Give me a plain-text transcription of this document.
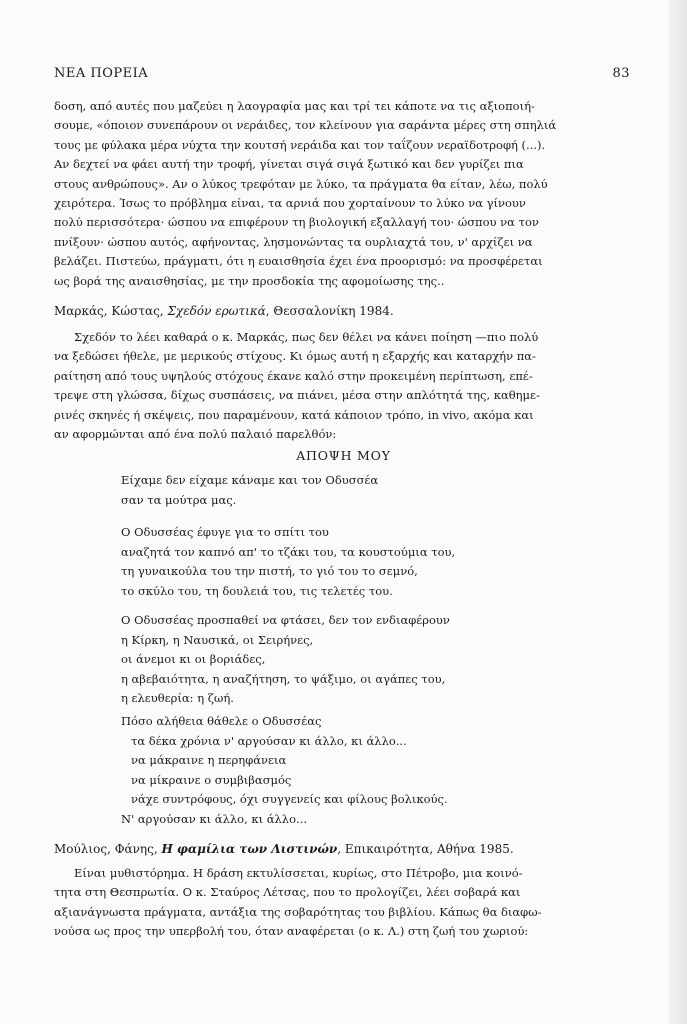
ΝΕΑ ΠΟΡΕΙΑ	83
δοση, από αυτές που μαζεύει η λαογραφία μας και τρί τει κάποτε να τις αξιοποιή-
σουμε, «όποιον συνεπάρουν οι νεράιδες, τον κλείνουν για σαράντα μέρες στη σπηλιά
τους με φύλακα μέρα νύχτα την κουτσή νεράιδα και τον ταΐζουν νεραϊδοτροφή (...).
Αν δεχτεί να φάει αυτή την τροφή, γίνεται σιγά σιγά ξωτικό και δεν γυρίζει πια
στους ανθρώπους». Αν ο λύκος τρεφόταν με λύκο, τα πράγματα θα είταν, λέω, πολύ
χειρότερα. Ίσως το πρόβλημα είναι, τα αρνιά που χορταίνουν το λύκο να γίνουν
πολύ περισσότερα· ώσπου να επιφέρουν τη βιολογική εξαλλαγή του· ώσπου να τον
πνίξουν· ώσπου αυτός, αφήνοντας, λησμονώντας τα ουρλιαχτά του, ν' αρχίζει να
βελάζει. Πιστεύω, πράγματι, ότι η ευαισθησία έχει ένα προορισμό: να προσφέρεται
ως βορά της αναισθησίας, με την προσδοκία της αφομοίωσης της..
Μαρκάς, Κώστας, Σχεδόν ερωτικά, Θεσσαλονίκη 1984.
Σχεδόν το λέει καθαρά ο κ. Μαρκάς, πως δεν θέλει να κάνει ποίηση —πιο πολύ
να ξεδώσει ήθελε, με μερικούς στίχους. Κι όμως αυτή η εξαρχής και καταρχήν πα-
ραίτηση από τους υψηλούς στόχους έκανε καλό στην προκειμένη περίπτωση, επέ-
τρεψε στη γλώσσα, δίχως συσπάσεις, να πιάνει, μέσα στην απλότητά της, καθημε-
ρινές σκηνές ή σκέψεις, που παραμένουν, κατά κάποιον τρόπο, in vivo, ακόμα και
αν αφορμώνται από ένα πολύ παλαιό παρελθόν:
ΑΠΟΨΗ ΜΟΥ
Είχαμε δεν είχαμε κάναμε και τον Οδυσσέα
σαν τα μούτρα μας.
Ο Οδυσσέας έφυγε για το σπίτι του
αναζητά τον καπνό απ' το τζάκι του, τα κουστούμια του,
τη γυναικούλα του την πιστή, το γιό του το σεμνό,
το σκύλο του, τη δουλειά του, τις τελετές του.
Ο Οδυσσέας προσπαθεί να φτάσει, δεν τον ενδιαφέρουν
η Κίρκη, η Ναυσικά, οι Σειρήνες,
οι άνεμοι κι οι βοριάδες,
η αβεβαιότητα, η αναζήτηση, το ψάξιμο, οι αγάπες του,
η ελευθερία: η ζωή.
Πόσο αλήθεια θάθελε ο Οδυσσέας
τα δέκα χρόνια ν' αργούσαν κι άλλο, κι άλλο...
να μάκραινε η περηφάνεια
να μίκραινε ο συμβιβασμός
νάχε συντρόφους, όχι συγγενείς και φίλους βολικούς.
Ν' αργούσαν κι άλλο, κι άλλο...
Μούλιος, Φάνης, Η φαμίλια των Λιστινών, Επικαιρότητα, Αθήνα 1985.
Είναι μυθιστόρημα. Η δράση εκτυλίσσεται, κυρίως, στο Πέτροβο, μια κοινό-
τητα στη Θεσπρωτία. Ο κ. Σταύρος Λέτσας, που το προλογίζει, λέει σοβαρά και
αξιανάγνωστα πράγματα, αντάξια της σοβαρότητας του βιβλίου. Κάπως θα διαφω-
νούσα ως προς την υπερβολή του, όταν αναφέρεται (ο κ. Λ.) στη ζωή του χωριού:
